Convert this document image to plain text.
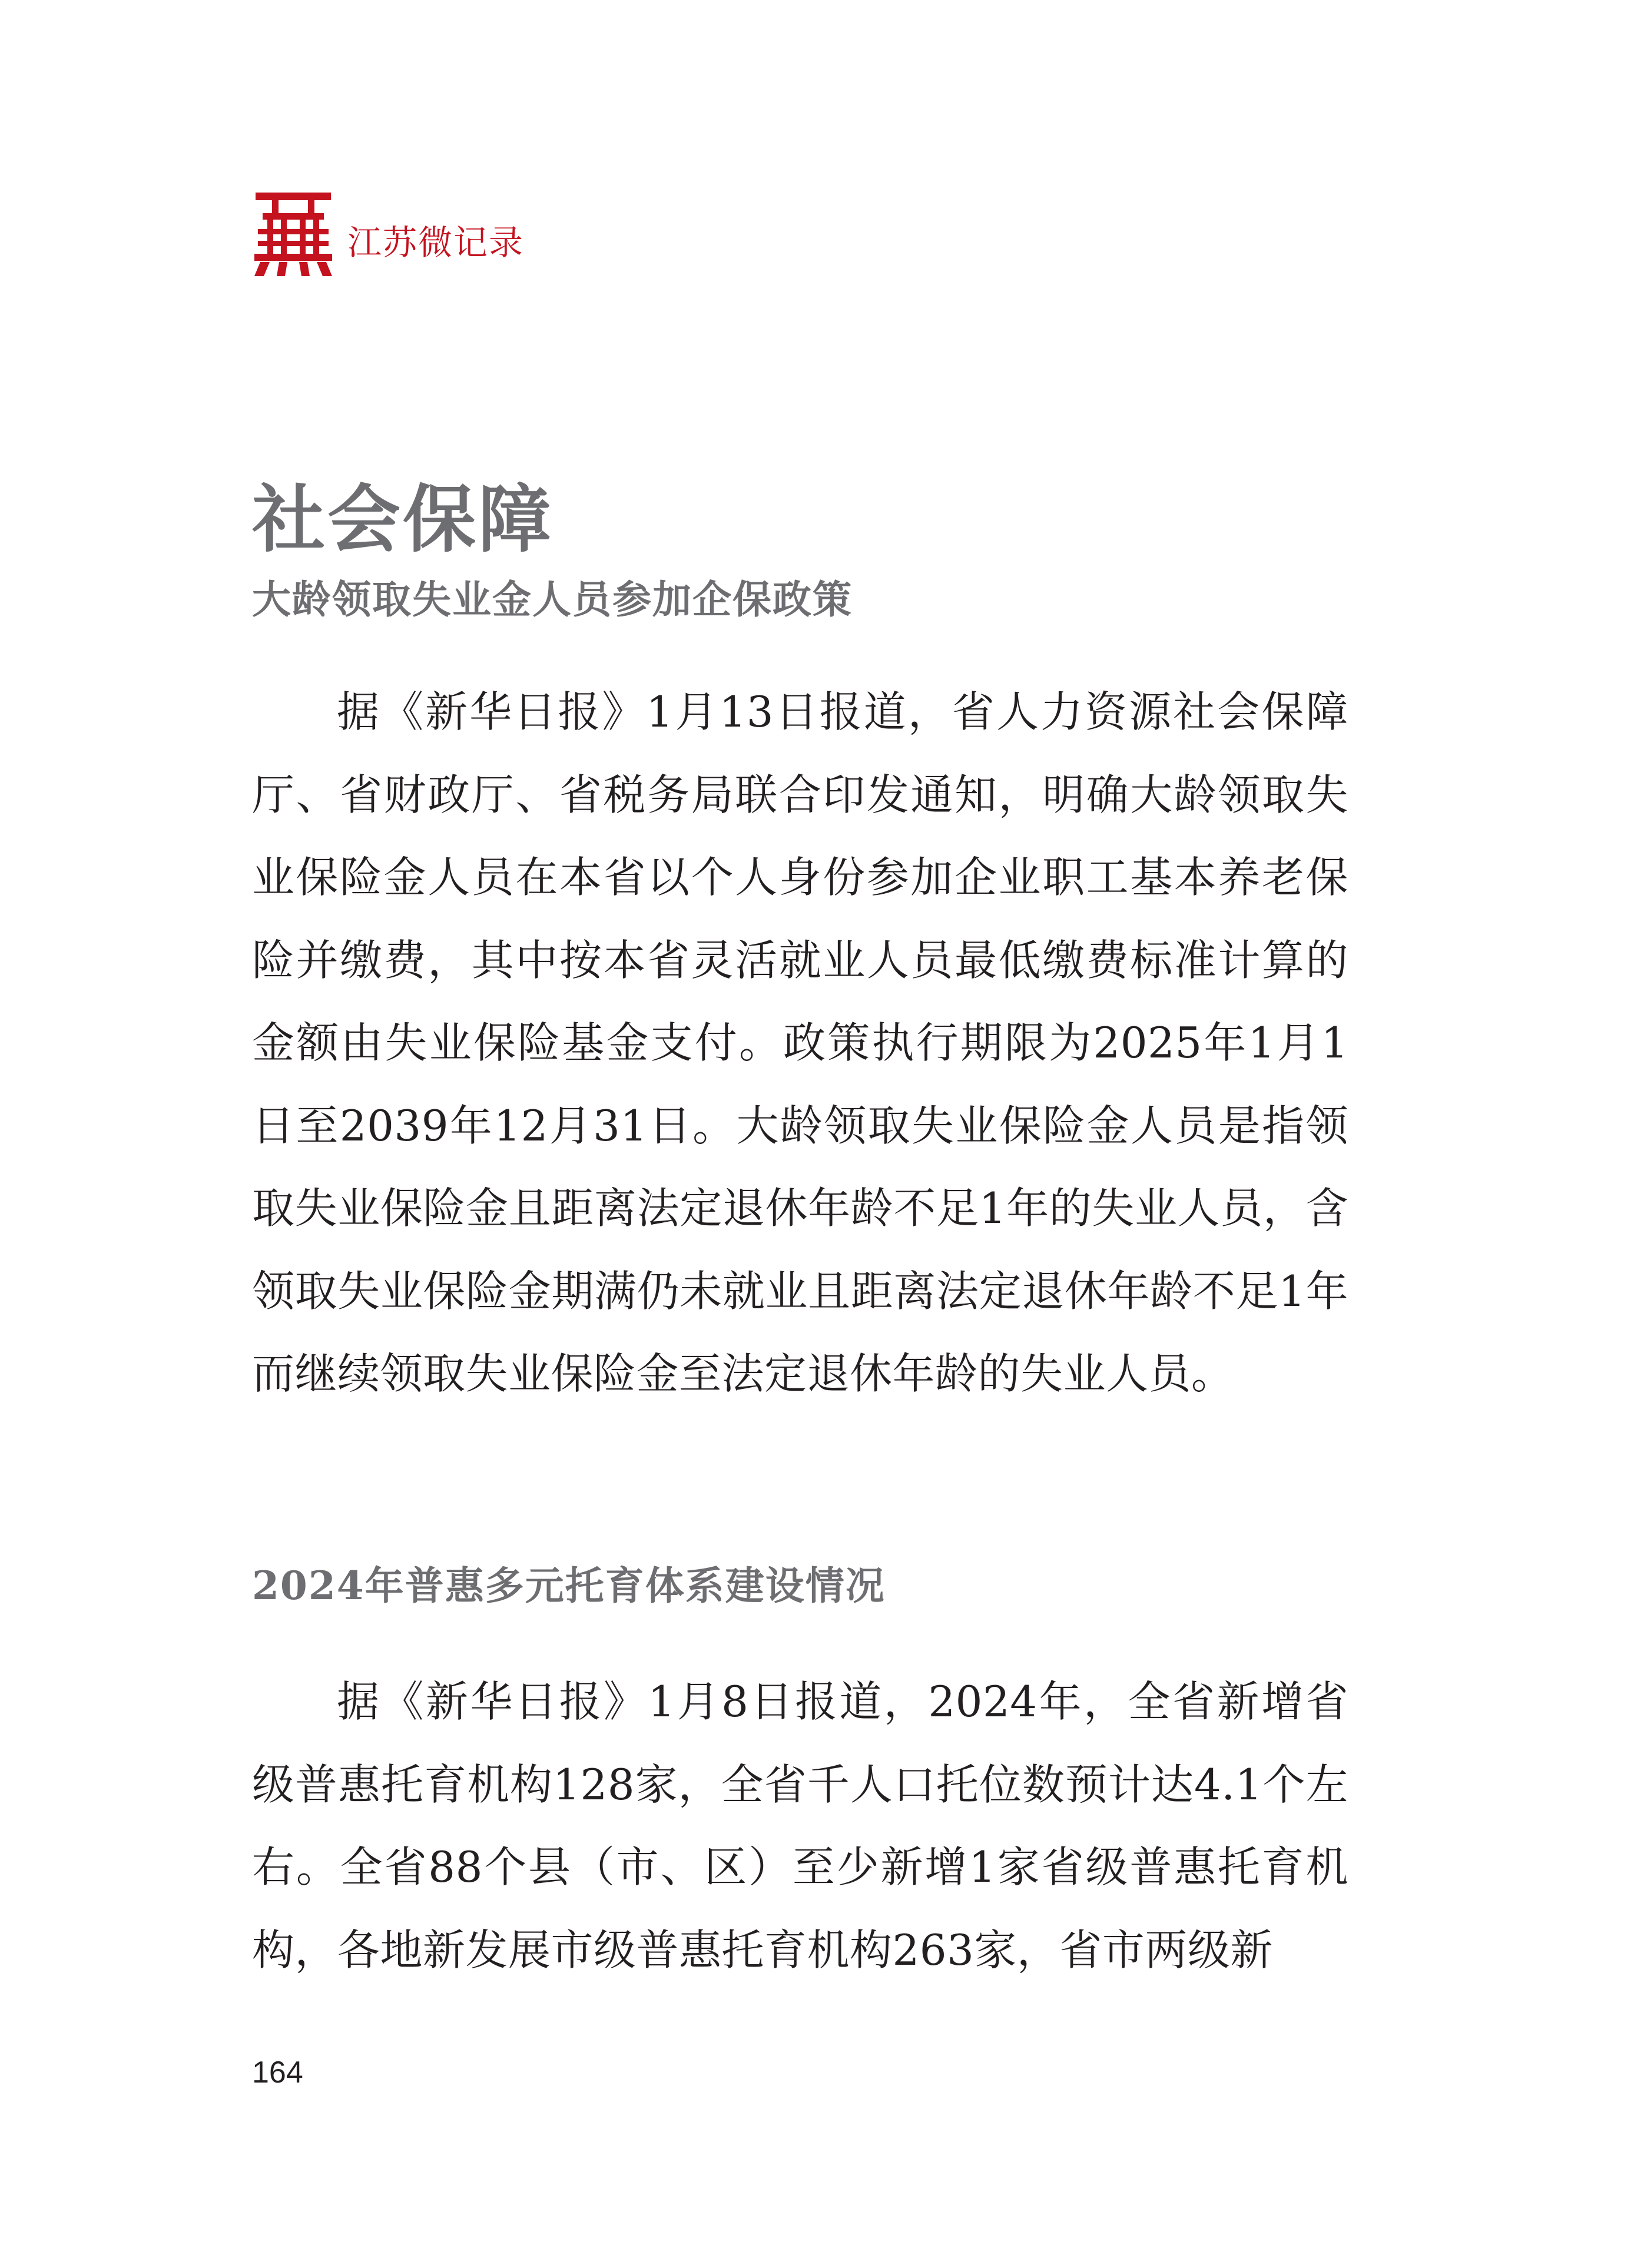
江苏微记录
社会保障
大龄领取失业金人员参加企保政策

据《新华日报》1月13日报道，省人力资源社会保障厅、省财政厅、省税务局联合印发通知，明确大龄领取失业保险金人员在本省以个人身份参加企业职工基本养老保险并缴费，其中按本省灵活就业人员最低缴费标准计算的金额由失业保险基金支付。政策执行期限为2025年1月1日至2039年12月31日。大龄领取失业保险金人员是指领取失业保险金且距离法定退休年龄不足1年的失业人员，含领取失业保险金期满仍未就业且距离法定退休年龄不足1年而继续领取失业保险金至法定退休年龄的失业人员。

2024年普惠多元托育体系建设情况

据《新华日报》1月8日报道，2024年，全省新增省级普惠托育机构128家，全省千人口托位数预计达4.1个左右。全省88个县（市、区）至少新增1家省级普惠托育机构，各地新发展市级普惠托育机构263家，省市两级新

164
